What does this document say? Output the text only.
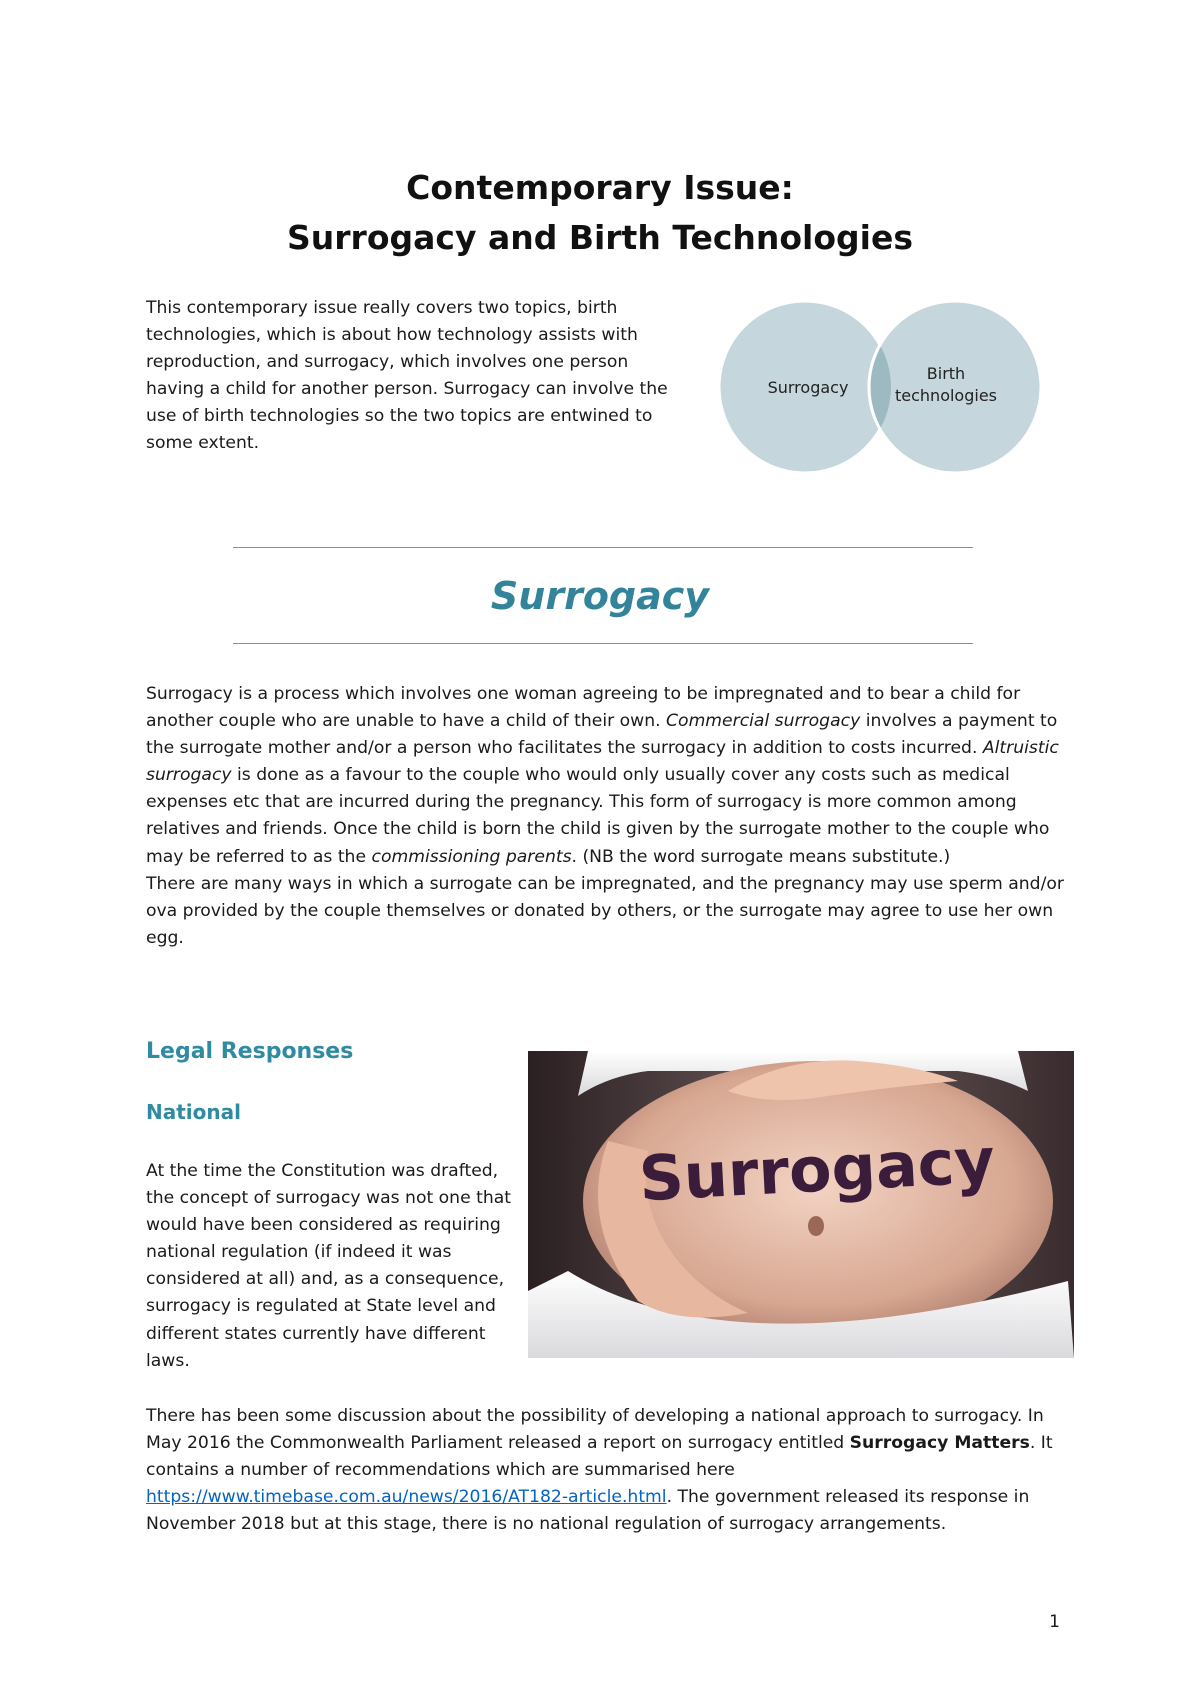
Contemporary Issue:
Surrogacy and Birth Technologies

This contemporary issue really covers two topics, birth technologies, which is about how technology assists with reproduction, and surrogacy, which involves one person having a child for another person. Surrogacy can involve the use of birth technologies so the two topics are entwined to some extent.

Surrogacy
Birth
technologies
Surrogacy

Surrogacy is a process which involves one woman agreeing to be impregnated and to bear a child for another couple who are unable to have a child of their own. Commercial surrogacy involves a payment to the surrogate mother and/or a person who facilitates the surrogacy in addition to costs incurred. Altruistic surrogacy is done as a favour to the couple who would only usually cover any costs such as medical expenses etc that are incurred during the pregnancy. This form of surrogacy is more common among relatives and friends. Once the child is born the child is given by the surrogate mother to the couple who may be referred to as the commissioning parents. (NB the word surrogate means substitute.)

There are many ways in which a surrogate can be impregnated, and the pregnancy may use sperm and/or ova provided by the couple themselves or donated by others, or the surrogate may agree to use her own egg.

Legal Responses
National

At the time the Constitution was drafted, the concept of surrogacy was not one that would have been considered as requiring national regulation (if indeed it was considered at all) and, as a consequence, surrogacy is regulated at State level and different states currently have different laws.

Surrogacy

There has been some discussion about the possibility of developing a national approach to surrogacy. In May 2016 the Commonwealth Parliament released a report on surrogacy entitled Surrogacy Matters. It contains a number of recommendations which are summarised here https://www.timebase.com.au/news/2016/AT182-article.html. The government released its response in November 2018 but at this stage, there is no national regulation of surrogacy arrangements.

1
